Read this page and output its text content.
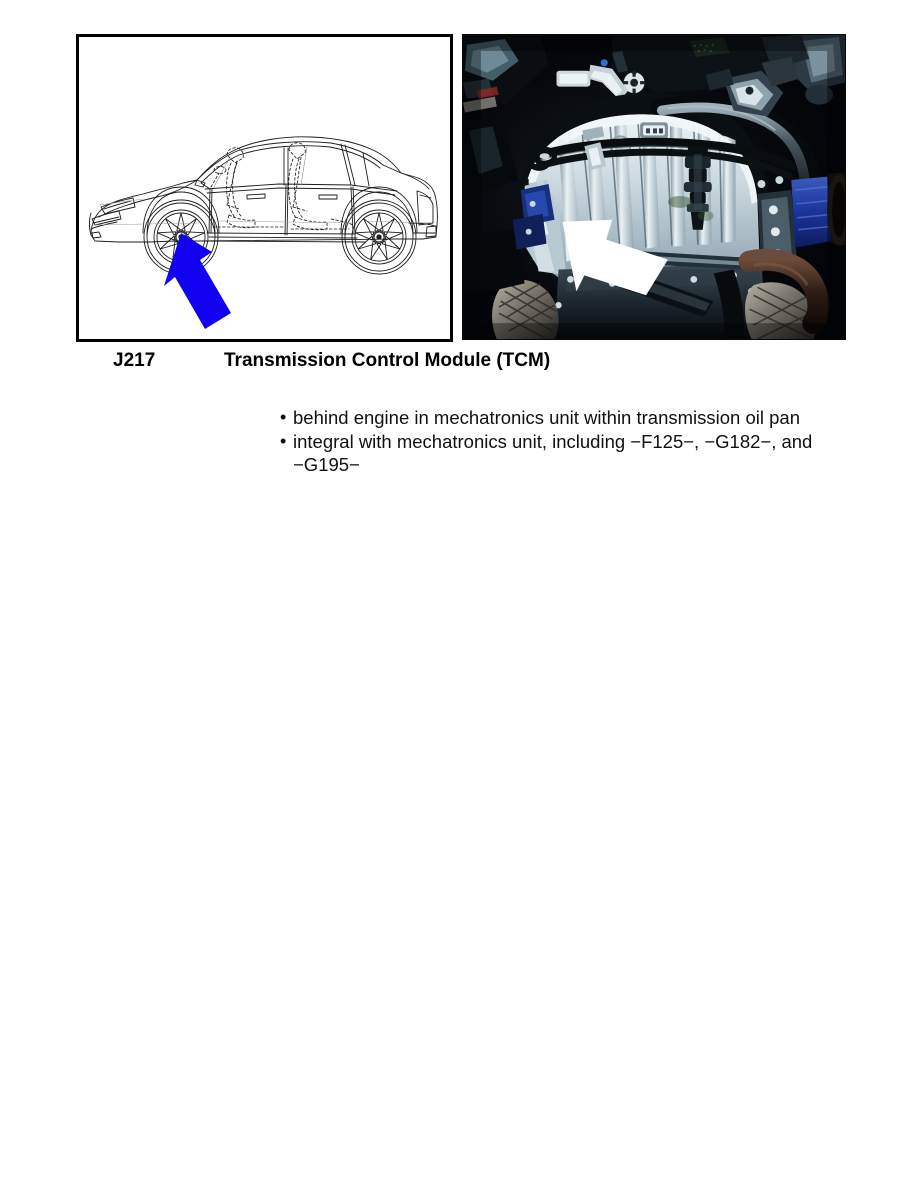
J217	Transmission Control Module (TCM)
• behind engine in mechatronics unit within transmission oil pan
• integral with mechatronics unit, including −F125−, −G182−, and −G195−
